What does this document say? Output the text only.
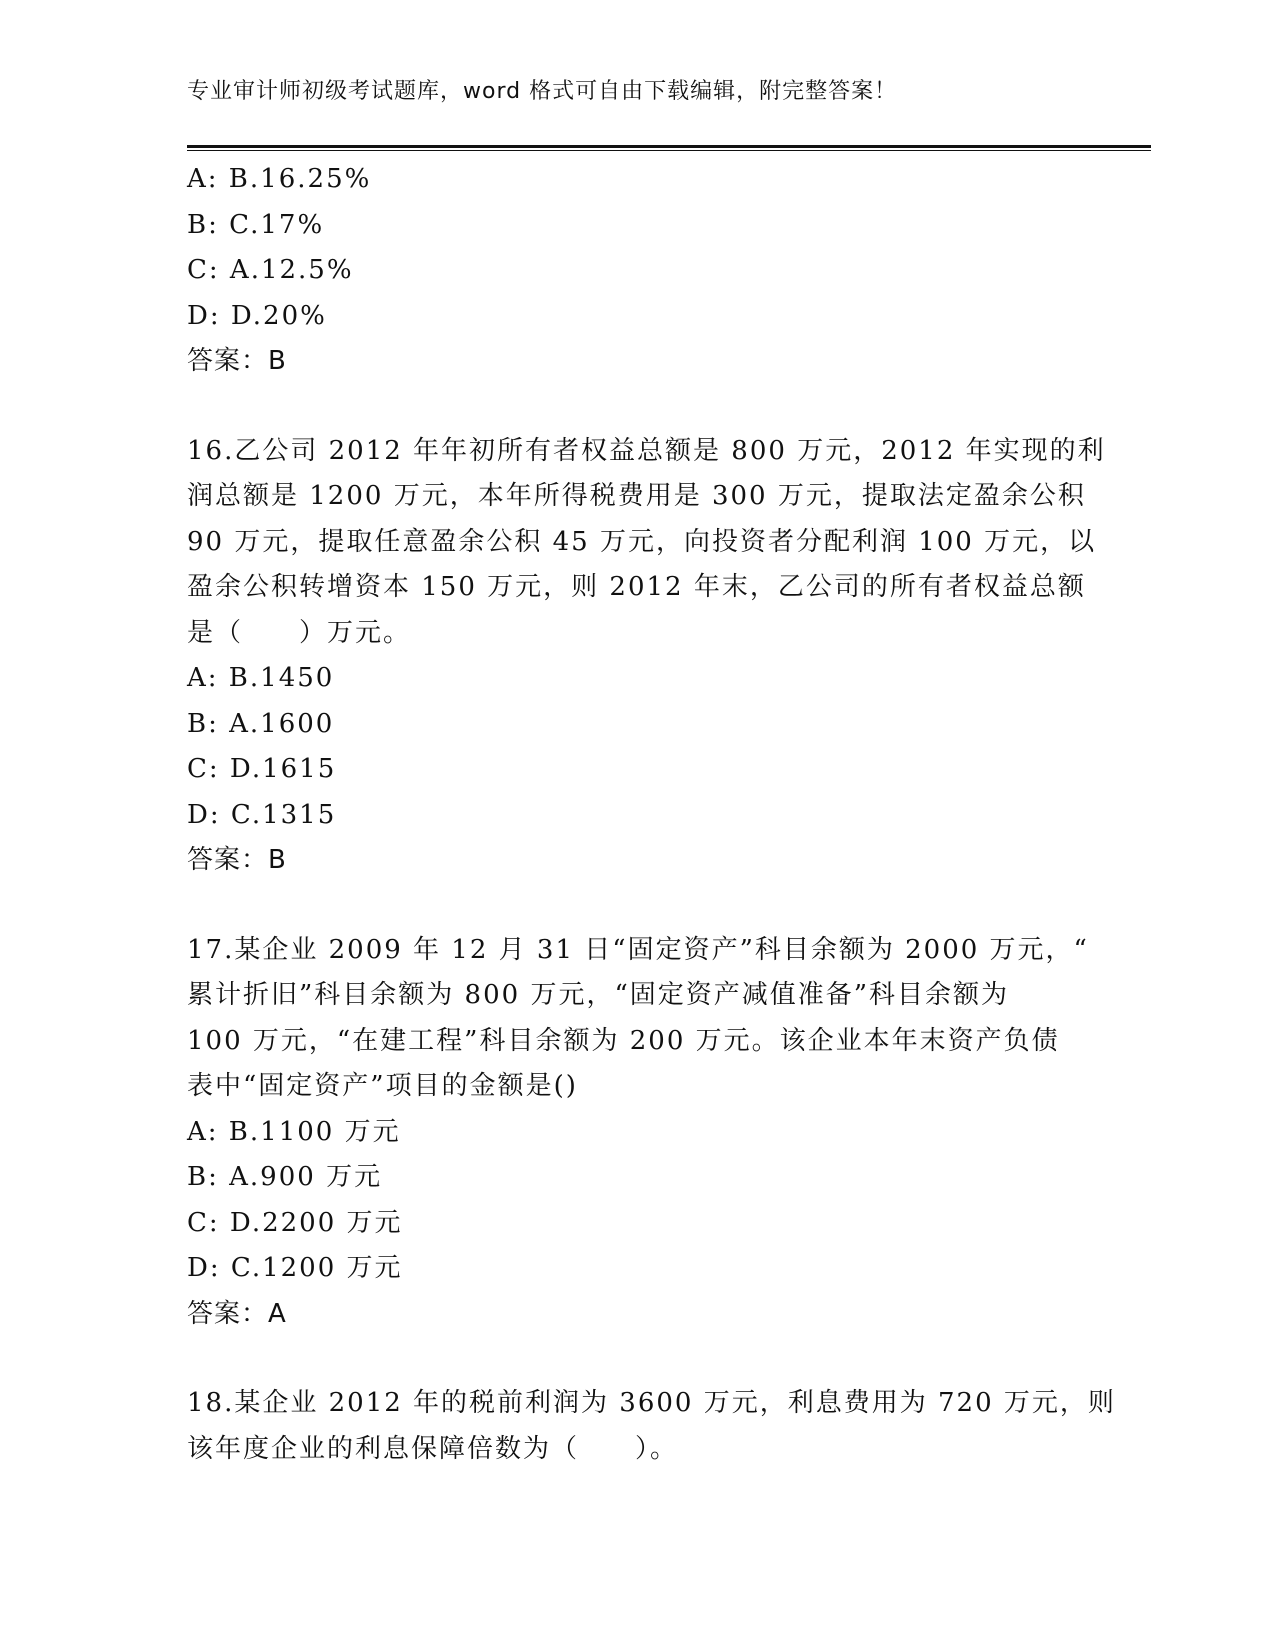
专业审计师初级考试题库，word 格式可自由下载编辑，附完整答案！
A: B.16.25%
B: C.17%
C: A.12.5%
D: D.20%
答案：B
16.乙公司 2012 年年初所有者权益总额是 800 万元，2012 年实现的利
润总额是 1200 万元，本年所得税费用是 300 万元，提取法定盈余公积
90 万元，提取任意盈余公积 45 万元，向投资者分配利润 100 万元，以
盈余公积转增资本 150 万元，则 2012 年末，乙公司的所有者权益总额
是（　　）万元。
A: B.1450
B: A.1600
C: D.1615
D: C.1315
答案：B
17.某企业 2009 年 12 月 31 日“固定资产”科目余额为 2000 万元，“
累计折旧”科目余额为 800 万元，“固定资产减值准备”科目余额为
100 万元，“在建工程”科目余额为 200 万元。该企业本年末资产负债
表中“固定资产”项目的金额是()
A: B.1100 万元
B: A.900 万元
C: D.2200 万元
D: C.1200 万元
答案：A
18.某企业 2012 年的税前利润为 3600 万元，利息费用为 720 万元，则
该年度企业的利息保障倍数为（　　）。
